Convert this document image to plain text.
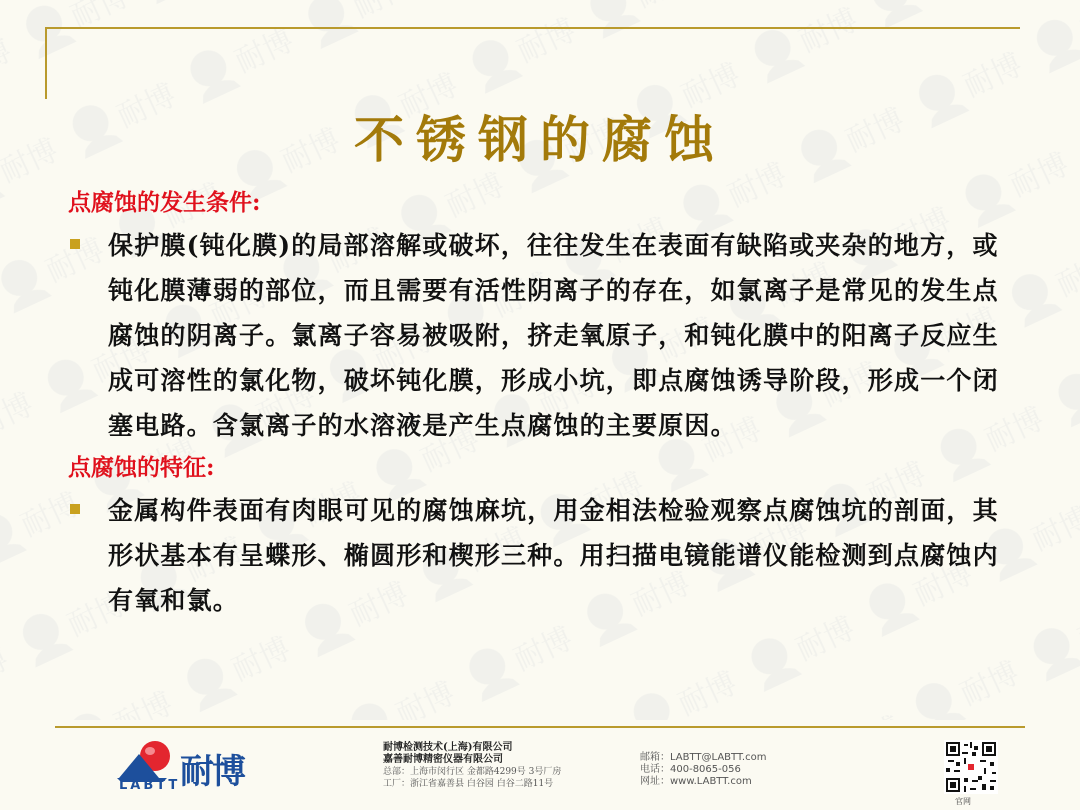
不锈钢的腐蚀
点腐蚀的发生条件:
保护膜(钝化膜)的局部溶解或破坏，往往发生在表面有缺陷或夹杂的地方，或钝化膜薄弱的部位，而且需要有活性阴离子的存在，如氯离子是常见的发生点腐蚀的阴离子。氯离子容易被吸附，挤走氧原子，和钝化膜中的阳离子反应生成可溶性的氯化物，破坏钝化膜，形成小坑，即点腐蚀诱导阶段，形成一个闭塞电路。含氯离子的水溶液是产生点腐蚀的主要原因。
点腐蚀的特征:
金属构件表面有肉眼可见的腐蚀麻坑，用金相法检验观察点腐蚀坑的剖面，其形状基本有呈蝶形、椭圆形和楔形三种。用扫描电镜能谱仪能检测到点腐蚀内有氧和氯。
耐博
LABTT
耐博检测技术(上海)有限公司
嘉善耐博精密仪器有限公司
总部：上海市闵行区 金都路4299号 3号厂房
工厂：浙江省嘉善县 白谷园 白谷二路11号
邮箱：LABTT@LABTT.com
电话：400-8065-056
网址：www.LABTT.com
官网
